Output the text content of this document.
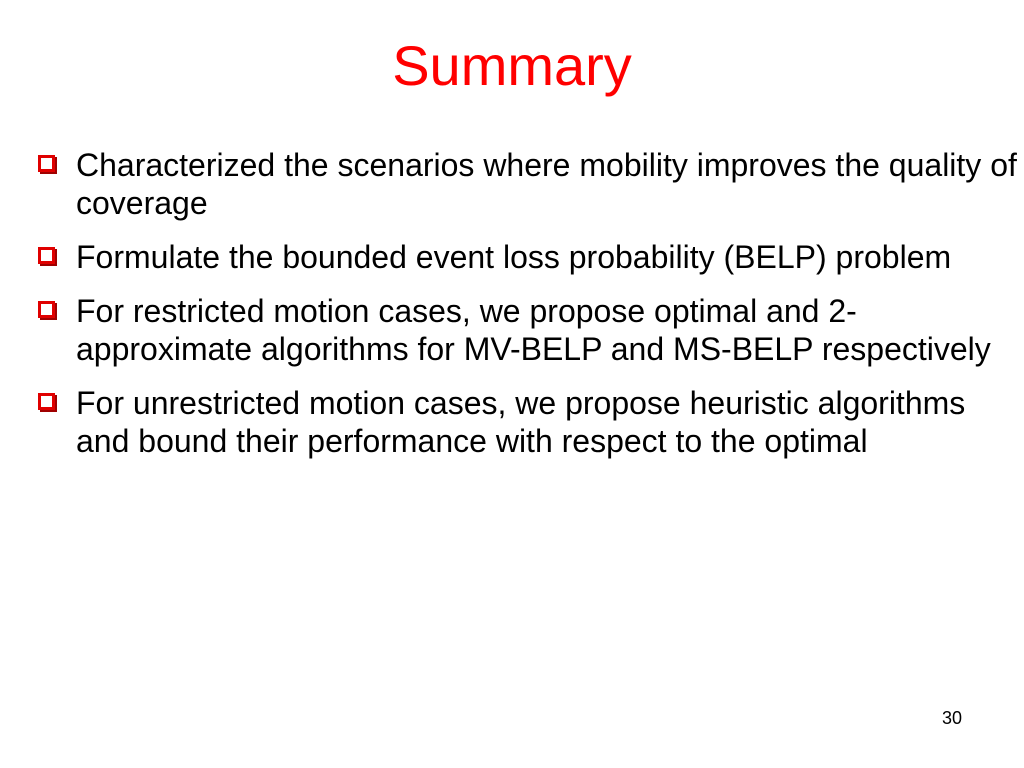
Summary
Characterized the scenarios where mobility improves the quality of coverage
Formulate the bounded event loss probability (BELP) problem
For restricted motion cases, we propose optimal and 2-approximate algorithms for MV-BELP and MS-BELP respectively
For unrestricted motion cases, we propose heuristic algorithms and bound their performance with respect to the optimal
30
